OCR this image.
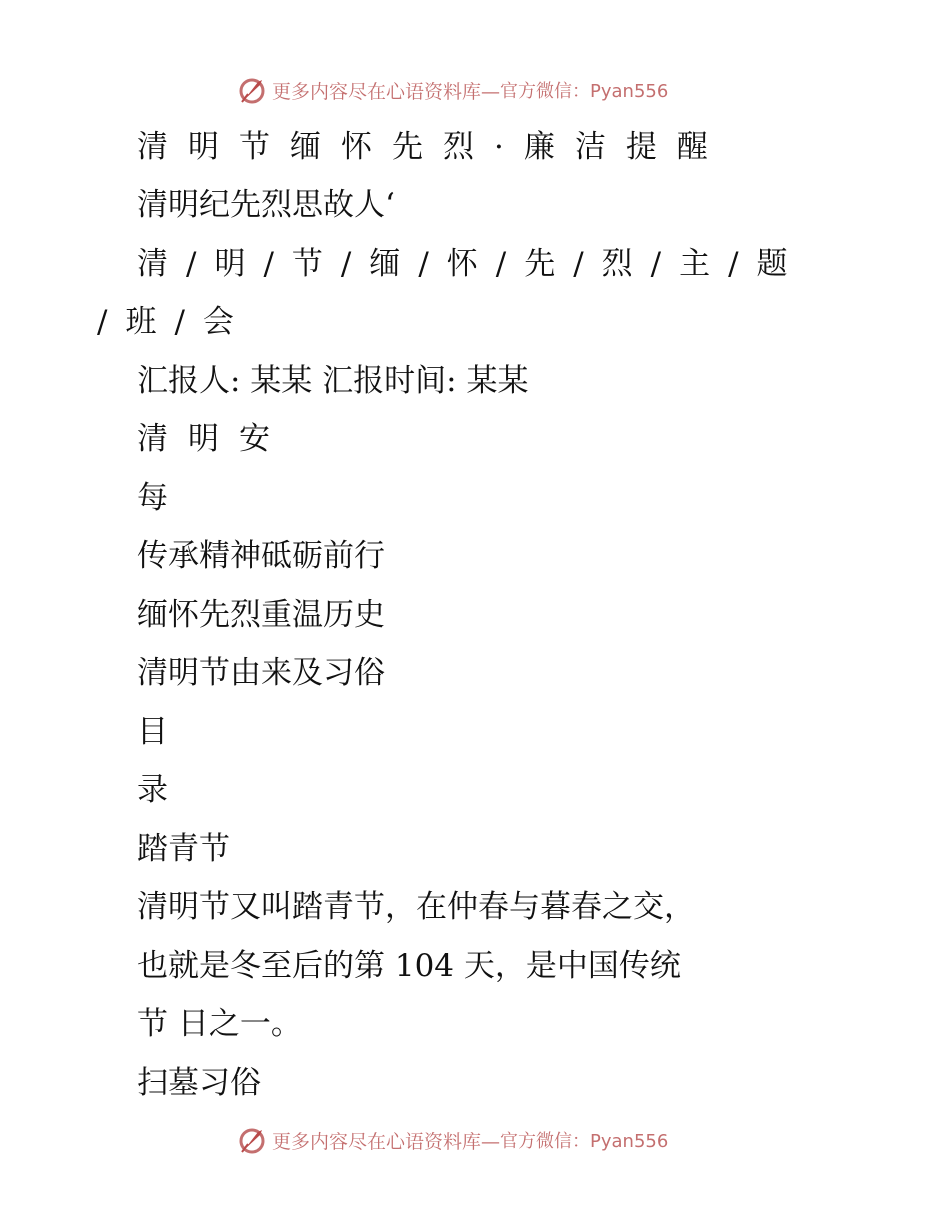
更多内容尽在心语资料库— 官方微信：Pyan556
清明节缅怀先烈·廉洁提醒
清明纪先烈思故人‘
清/明/节/缅/怀/先/烈/主/题
/班/会
汇报人: 某某 汇报时间: 某某
清明安
每
传承精神砥砺前行
缅怀先烈重温历史
清明节由来及习俗
目
录
踏青节
清明节又叫踏青节，在仲春与暮春之交，
也就是冬至后的第 104 天，是中国传统
节 日之一。
扫墓习俗
更多内容尽在心语资料库— 官方微信：Pyan556
